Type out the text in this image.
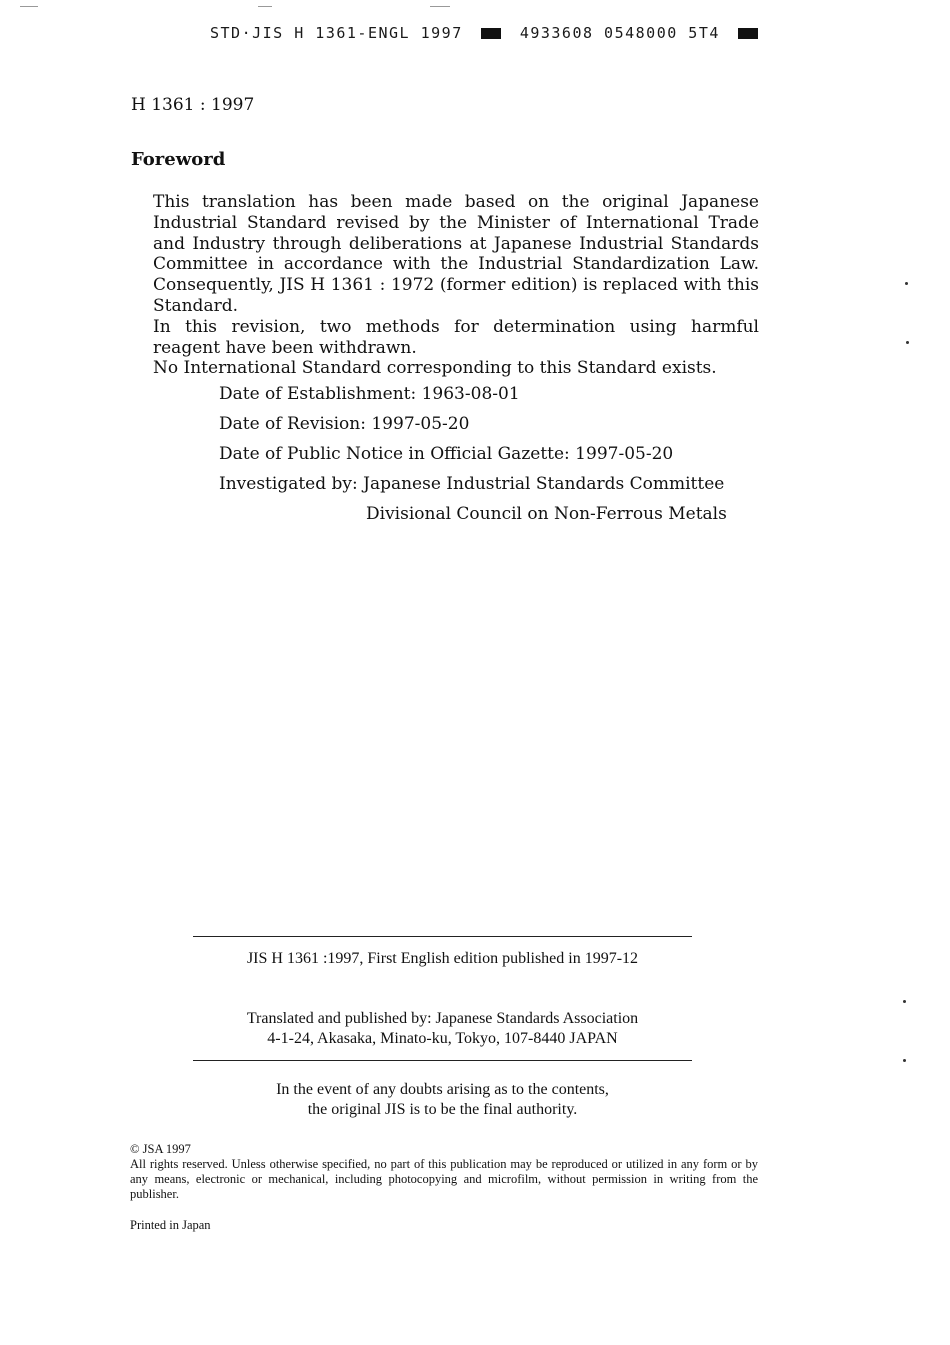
STD·JIS H 1361-ENGL 1997	4933608 0548000 5T4
H 1361 : 1997
Foreword

This translation has been made based on the original Japanese Industrial Standard revised by the Minister of International Trade and Industry through deliberations at Japanese Industrial Standards Committee in accordance with the Industrial Standardization Law. Consequently, JIS H 1361 : 1972 (former edition) is replaced with this Standard.

In this revision, two methods for determination using harmful reagent have been withdrawn.

No International Standard corresponding to this Standard exists.

Date of Establishment: 1963-08-01
Date of Revision: 1997-05-20
Date of Public Notice in Official Gazette: 1997-05-20
Investigated by: Japanese Industrial Standards Committee
Divisional Council on Non-Ferrous Metals
JIS H 1361 :1997, First English edition published in 1997-12
Translated and published by: Japanese Standards Association
4-1-24, Akasaka, Minato-ku, Tokyo, 107-8440 JAPAN
In the event of any doubts arising as to the contents,
the original JIS is to be the final authority.
© JSA 1997
All rights reserved. Unless otherwise specified, no part of this publication may be reproduced or utilized in any form or by any means, electronic or mechanical, including photocopying and microfilm, without permission in writing from the publisher.
Printed in Japan
